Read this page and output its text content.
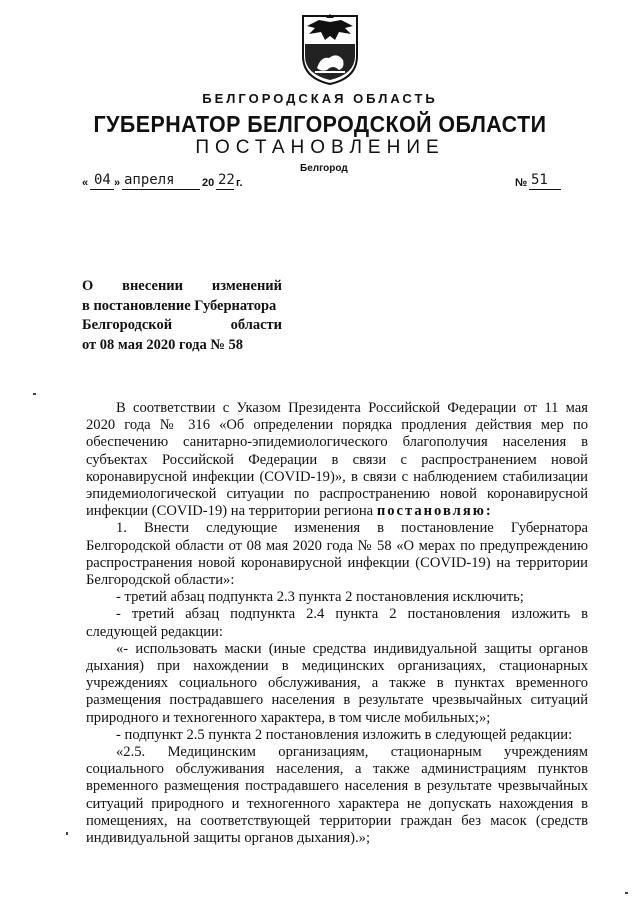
БЕЛГОРОДСКАЯ ОБЛАСТЬ
ГУБЕРНАТОР БЕЛГОРОДСКОЙ ОБЛАСТИ
ПОСТАНОВЛЕНИЕ
Белгород
« 04 » апреля 20 22 г.	№ 51
О внесении изменений
в постановление Губернатора
Белгородской	области
от 08 мая 2020 года № 58

В соответствии с Указом Президента Российской Федерации от 11 мая 2020 года № 316 «Об определении порядка продления действия мер по обеспечению санитарно-эпидемиологического благополучия населения в субъектах Российской Федерации в связи с распространением новой коронавирусной инфекции (COVID-19)», в связи с наблюдением стабилизации эпидемиологической ситуации по распространению новой коронавирусной инфекции (COVID-19) на территории региона постановляю:

1. Внести следующие изменения в постановление Губернатора Белгородской области от 08 мая 2020 года № 58 «О мерах по предупреждению распространения новой коронавирусной инфекции (COVID-19) на территории Белгородской области»:

- третий абзац подпункта 2.3 пункта 2 постановления исключить;

- третий абзац подпункта 2.4 пункта 2 постановления изложить в следующей редакции:

«- использовать маски (иные средства индивидуальной защиты органов дыхания) при нахождении в медицинских организациях, стационарных учреждениях социального обслуживания, а также в пунктах временного размещения пострадавшего населения в результате чрезвычайных ситуаций природного и техногенного характера, в том числе мобильных;»;

- подпункт 2.5 пункта 2 постановления изложить в следующей редакции:

«2.5. Медицинским организациям, стационарным учреждениям социального обслуживания населения, а также администрациям пунктов временного размещения пострадавшего населения в результате чрезвычайных ситуаций природного и техногенного характера не допускать нахождения в помещениях, на соответствующей территории граждан без масок (средств индивидуальной защиты органов дыхания).»;
